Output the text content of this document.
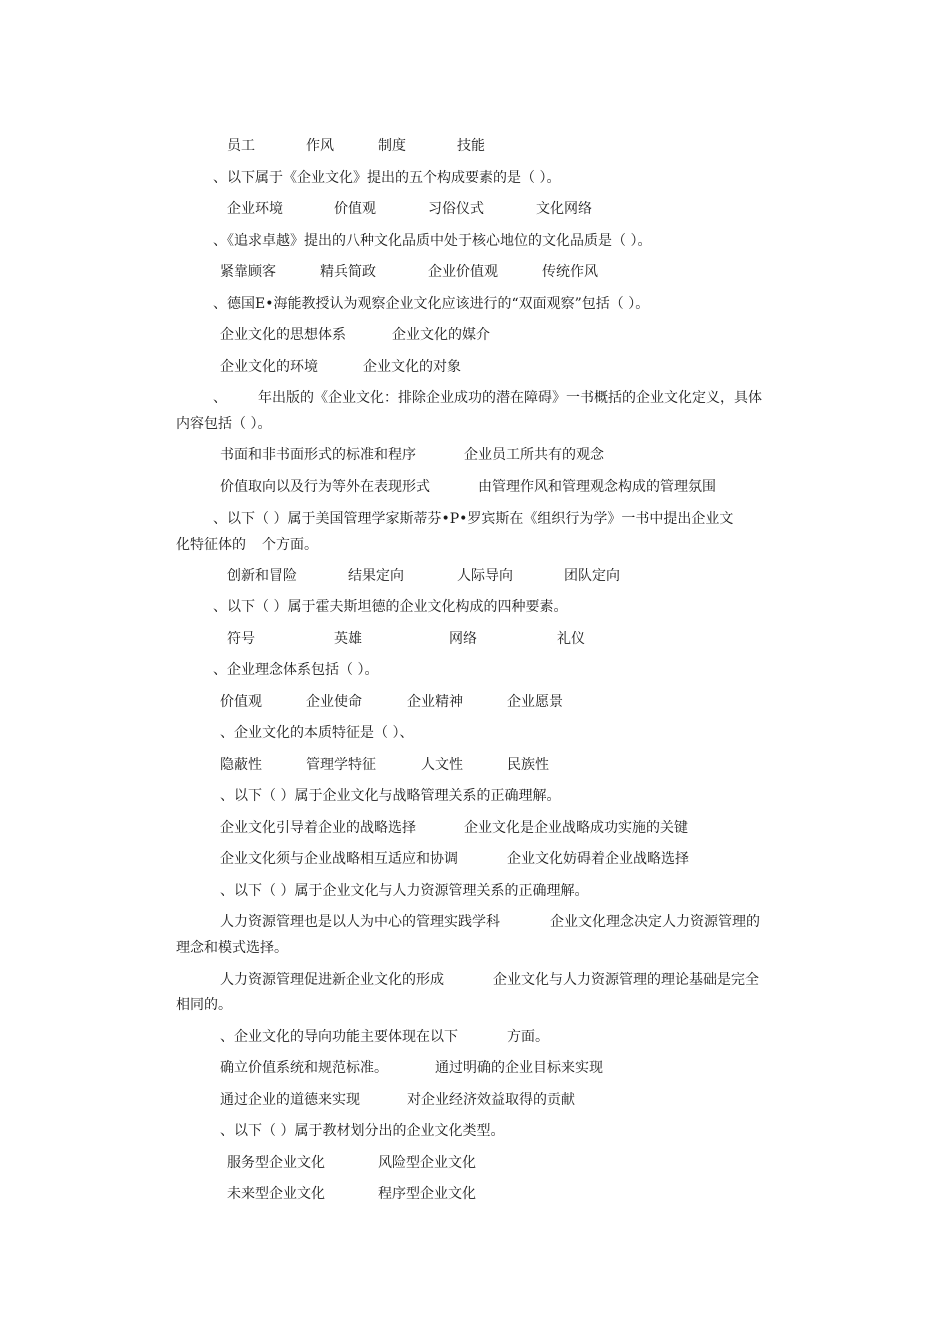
员工	作风	制度	技能
、以下属于《企业文化》提出的五个构成要素的是（ ）。
企业环境	价值观	习俗仪式	文化网络
、《追求卓越》提出的八种文化品质中处于核心地位的文化品质是（ ）。
紧靠顾客	精兵简政	企业价值观	传统作风
、德国E•海能教授认为观察企业文化应该进行的“双面观察”包括（ ）。
企业文化的思想体系	企业文化的媒介
企业文化的环境	企业文化的对象
、 年出版的《企业文化：排除企业成功的潜在障碍》一书概括的企业文化定义，具体
内容包括（ ）。
书面和非书面形式的标准和程序	企业员工所共有的观念
价值取向以及行为等外在表现形式	由管理作风和管理观念构成的管理氛围
、以下（ ）属于美国管理学家斯蒂芬•P•罗宾斯在《组织行为学》一书中提出企业文
化特征体的 个方面。
创新和冒险	结果定向	人际导向	团队定向
、以下（ ）属于霍夫斯坦德的企业文化构成的四种要素。
符号	英雄	网络	礼仪
、企业理念体系包括（ ）。
价值观	企业使命	企业精神	企业愿景
、企业文化的本质特征是（ ）、
隐蔽性	管理学特征	人文性	民族性
、以下（ ）属于企业文化与战略管理关系的正确理解。
企业文化引导着企业的战略选择	企业文化是企业战略成功实施的关键
企业文化须与企业战略相互适应和协调	企业文化妨碍着企业战略选择
、以下（ ）属于企业文化与人力资源管理关系的正确理解。
人力资源管理也是以人为中心的管理实践学科	企业文化理念决定人力资源管理的
理念和模式选择。
人力资源管理促进新企业文化的形成	企业文化与人力资源管理的理论基础是完全
相同的。
、企业文化的导向功能主要体现在以下	方面。
确立价值系统和规范标准。	通过明确的企业目标来实现
通过企业的道德来实现	对企业经济效益取得的贡献
、以下（ ）属于教材划分出的企业文化类型。
服务型企业文化	风险型企业文化
未来型企业文化	程序型企业文化
